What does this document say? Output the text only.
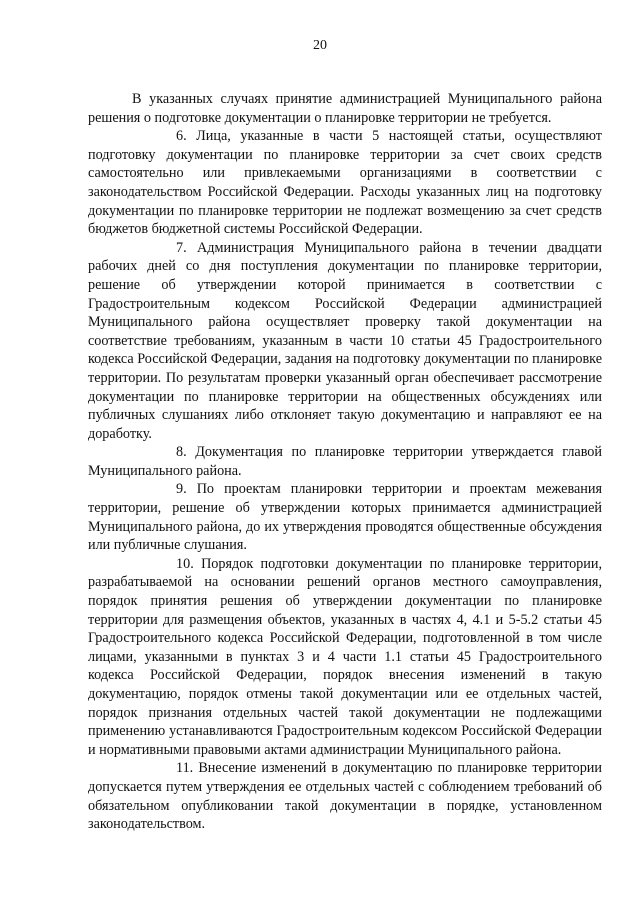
20

В указанных случаях принятие администрацией Муниципального района решения о подготовке документации о планировке территории не требуется.

6. Лица, указанные в части 5 настоящей статьи, осуществляют подготовку документации по планировке территории за счет своих средств самостоятельно или привлекаемыми организациями в соответствии с законодательством Российской Федерации. Расходы указанных лиц на подготовку документации по планировке территории не подлежат возмещению за счет средств бюджетов бюджетной системы Российской Федерации.

7. Администрация Муниципального района в течении двадцати рабочих дней со дня поступления документации по планировке территории, решение об утверждении которой принимается в соответствии с Градостроительным кодексом Российской Федерации администрацией Муниципального района осуществляет проверку такой документации на соответствие требованиям, указанным в части 10 статьи 45 Градостроительного кодекса Российской Федерации, задания на подготовку документации по планировке территории. По результатам проверки указанный орган обеспечивает рассмотрение документации по планировке территории на общественных обсуждениях или публичных слушаниях либо отклоняет такую документацию и направляют ее на доработку.

8. Документация по планировке территории утверждается главой Муниципального района.

9. По проектам планировки территории и проектам межевания территории, решение об утверждении которых принимается администрацией Муниципального района, до их утверждения проводятся общественные обсуждения или публичные слушания.

10. Порядок подготовки документации по планировке территории, разрабатываемой на основании решений органов местного самоуправления, порядок принятия решения об утверждении документации по планировке территории для размещения объектов, указанных в частях 4, 4.1 и 5-5.2 статьи 45 Градостроительного кодекса Российской Федерации, подготовленной в том числе лицами, указанными в пунктах 3 и 4 части 1.1 статьи 45 Градостроительного кодекса Российской Федерации, порядок внесения изменений в такую документацию, порядок отмены такой документации или ее отдельных частей, порядок признания отдельных частей такой документации не подлежащими применению устанавливаются Градостроительным кодексом Российской Федерации и нормативными правовыми актами администрации Муниципального района.

11. Внесение изменений в документацию по планировке территории допускается путем утверждения ее отдельных частей с соблюдением требований об обязательном опубликовании такой документации в порядке, установленном законодательством.
